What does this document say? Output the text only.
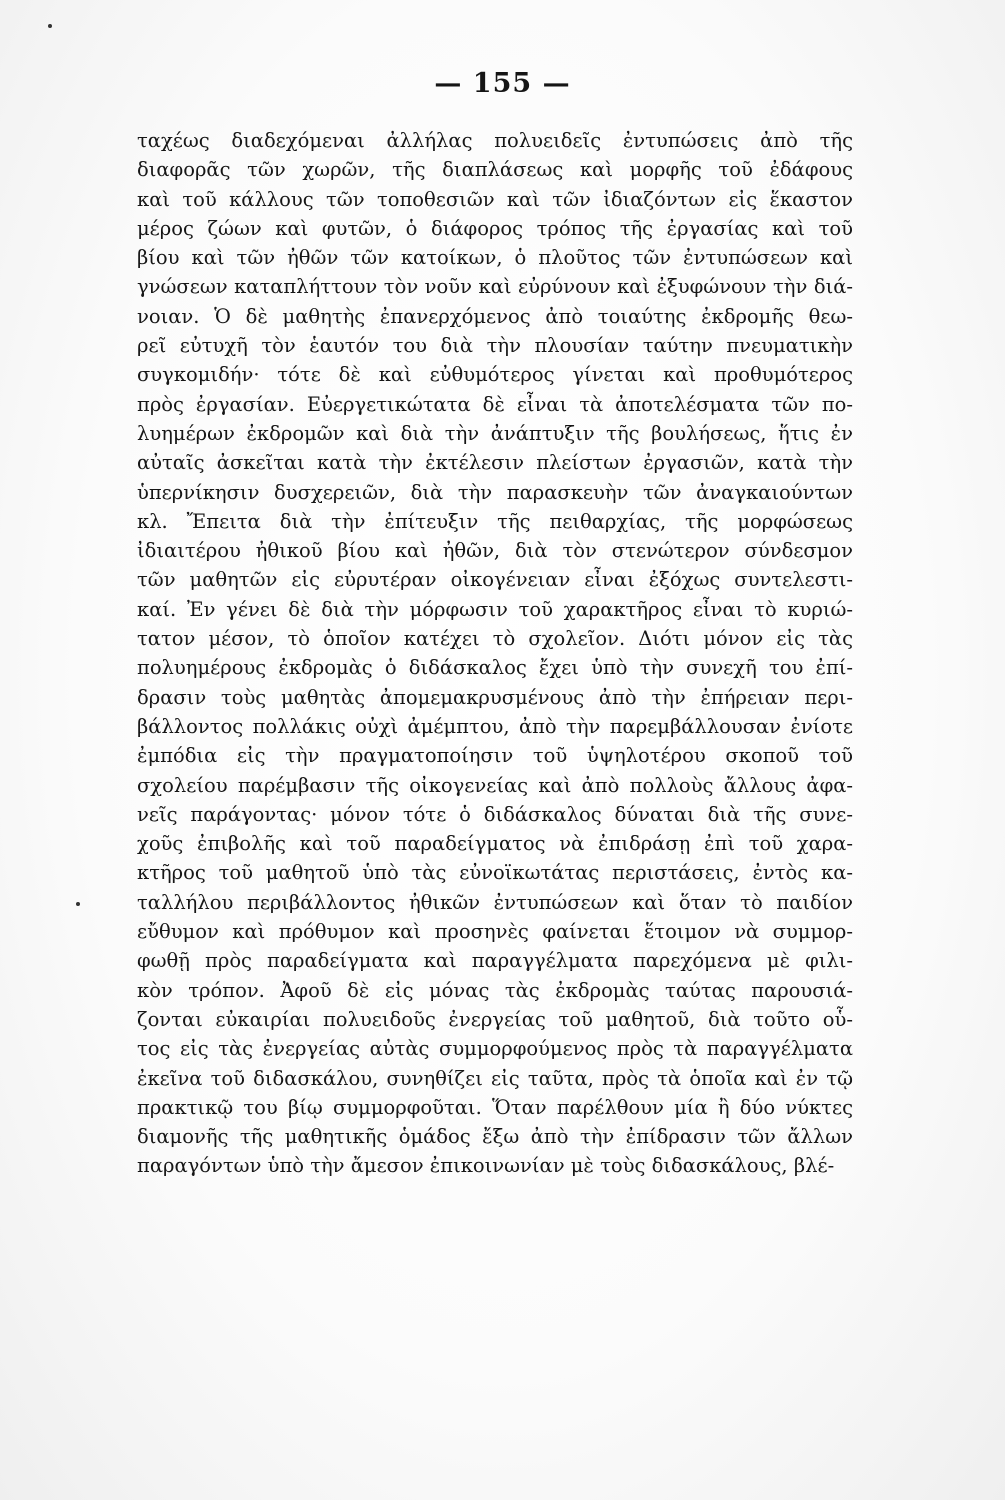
— 155 —
ταχέως διαδεχόμεναι ἀλλήλας πολυειδεῖς ἐντυπώσεις ἀπὸ τῆς
διαφορᾶς τῶν χωρῶν, τῆς διαπλάσεως καὶ μορφῆς τοῦ ἐδάφους
καὶ τοῦ κάλλους τῶν τοποθεσιῶν καὶ τῶν ἰδιαζόντων εἰς ἕκαστον
μέρος ζώων καὶ φυτῶν, ὁ διάφορος τρόπος τῆς ἐργασίας καὶ τοῦ
βίου καὶ τῶν ἠθῶν τῶν κατοίκων, ὁ πλοῦτος τῶν ἐντυπώσεων καὶ
γνώσεων καταπλήττουν τὸν νοῦν καὶ εὐρύνουν καὶ ἐξυφώνουν τὴν διά-
νοιαν. Ὁ δὲ μαθητὴς ἐπανερχόμενος ἀπὸ τοιαύτης ἐκδρομῆς θεω-
ρεῖ εὐτυχῆ τὸν ἑαυτόν του διὰ τὴν πλουσίαν ταύτην πνευματικὴν
συγκομιδήν· τότε δὲ καὶ εὐθυμότερος γίνεται καὶ προθυμότερος
πρὸς ἐργασίαν. Εὐεργετικώτατα δὲ εἶναι τὰ ἀποτελέσματα τῶν πο-
λυημέρων ἐκδρομῶν καὶ διὰ τὴν ἀνάπτυξιν τῆς βουλήσεως, ἥτις ἐν
αὐταῖς ἀσκεῖται κατὰ τὴν ἐκτέλεσιν πλείστων ἐργασιῶν, κατὰ τὴν
ὑπερνίκησιν δυσχερειῶν, διὰ τὴν παρασκευὴν τῶν ἀναγκαιούντων
κλ. Ἔπειτα διὰ τὴν ἐπίτευξιν τῆς πειθαρχίας, τῆς μορφώσεως
ἰδιαιτέρου ἠθικοῦ βίου καὶ ἠθῶν, διὰ τὸν στενώτερον σύνδεσμον
τῶν μαθητῶν εἰς εὐρυτέραν οἰκογένειαν εἶναι ἐξόχως συντελεστι-
καί. Ἐν γένει δὲ διὰ τὴν μόρφωσιν τοῦ χαρακτῆρος εἶναι τὸ κυριώ-
τατον μέσον, τὸ ὁποῖον κατέχει τὸ σχολεῖον. Διότι μόνον εἰς τὰς
πολυημέρους ἐκδρομὰς ὁ διδάσκαλος ἔχει ὑπὸ τὴν συνεχῆ του ἐπί-
δρασιν τοὺς μαθητὰς ἀπομεμακρυσμένους ἀπὸ τὴν ἐπήρειαν περι-
βάλλοντος πολλάκις οὐχὶ ἀμέμπτου, ἀπὸ τὴν παρεμβάλλουσαν ἐνίοτε
ἐμπόδια εἰς τὴν πραγματοποίησιν τοῦ ὑψηλοτέρου σκοποῦ τοῦ
σχολείου παρέμβασιν τῆς οἰκογενείας καὶ ἀπὸ πολλοὺς ἄλλους ἀφα-
νεῖς παράγοντας· μόνον τότε ὁ διδάσκαλος δύναται διὰ τῆς συνε-
χοῦς ἐπιβολῆς καὶ τοῦ παραδείγματος νὰ ἐπιδράσῃ ἐπὶ τοῦ χαρα-
κτῆρος τοῦ μαθητοῦ ὑπὸ τὰς εὐνοϊκωτάτας περιστάσεις, ἐντὸς κα-
ταλλήλου περιβάλλοντος ἠθικῶν ἐντυπώσεων καὶ ὅταν τὸ παιδίον
εὔθυμον καὶ πρόθυμον καὶ προσηνὲς φαίνεται ἕτοιμον νὰ συμμορ-
φωθῇ πρὸς παραδείγματα καὶ παραγγέλματα παρεχόμενα μὲ φιλι-
κὸν τρόπον. Ἀφοῦ δὲ εἰς μόνας τὰς ἐκδρομὰς ταύτας παρουσιά-
ζονται εὐκαιρίαι πολυειδοῦς ἐνεργείας τοῦ μαθητοῦ, διὰ τοῦτο οὗ-
τος εἰς τὰς ἐνεργείας αὐτὰς συμμορφούμενος πρὸς τὰ παραγγέλματα
ἐκεῖνα τοῦ διδασκάλου, συνηθίζει εἰς ταῦτα, πρὸς τὰ ὁποῖα καὶ ἐν τῷ
πρακτικῷ του βίῳ συμμορφοῦται. Ὅταν παρέλθουν μία ἢ δύο νύκτες
διαμονῆς τῆς μαθητικῆς ὁμάδος ἔξω ἀπὸ τὴν ἐπίδρασιν τῶν ἄλλων
παραγόντων ὑπὸ τὴν ἄμεσον ἐπικοινωνίαν μὲ τοὺς διδασκάλους, βλέ-
